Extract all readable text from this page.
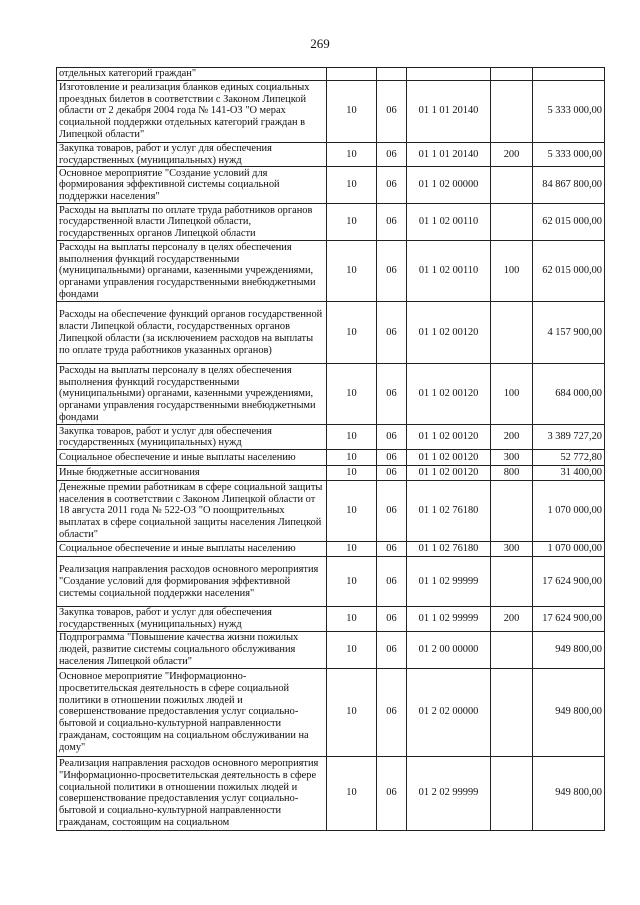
269
отдельных категорий граждан"					
Изготовление и реализация бланков единых социальных проездных билетов в соответствии с Законом Липецкой области от 2 декабря 2004 года № 141-ОЗ "О мерах социальной поддержки отдельных категорий граждан в Липецкой области"	10	06	01 1 01 20140		5 333 000,00
Закупка товаров, работ и услуг для обеспечения государственных (муниципальных) нужд	10	06	01 1 01 20140	200	5 333 000,00
Основное мероприятие "Создание условий для формирования эффективной системы социальной поддержки населения"	10	06	01 1 02 00000		84 867 800,00
Расходы на выплаты по оплате труда работников органов государственной власти Липецкой области, государственных органов Липецкой области	10	06	01 1 02 00110		62 015 000,00
Расходы на выплаты персоналу в целях обеспечения выполнения функций государственными (муниципальными) органами, казенными учреждениями, органами управления государственными внебюджетными фондами	10	06	01 1 02 00110	100	62 015 000,00
Расходы на обеспечение функций органов государственной власти Липецкой области, государственных органов Липецкой области (за исключением расходов на выплаты по оплате труда работников указанных органов)	10	06	01 1 02 00120		4 157 900,00
Расходы на выплаты персоналу в целях обеспечения выполнения функций государственными (муниципальными) органами, казенными учреждениями, органами управления государственными внебюджетными фондами	10	06	01 1 02 00120	100	684 000,00
Закупка товаров, работ и услуг для обеспечения государственных (муниципальных) нужд	10	06	01 1 02 00120	200	3 389 727,20
Социальное обеспечение и иные выплаты населению	10	06	01 1 02 00120	300	52 772,80
Иные бюджетные ассигнования	10	06	01 1 02 00120	800	31 400,00
Денежные премии работникам в сфере социальной защиты населения в соответствии с Законом Липецкой области от 18 августа 2011 года № 522-ОЗ "О поощрительных выплатах в сфере социальной защиты населения Липецкой области"	10	06	01 1 02 76180		1 070 000,00
Социальное обеспечение и иные выплаты населению	10	06	01 1 02 76180	300	1 070 000,00
Реализация направления расходов основного мероприятия "Создание условий для формирования эффективной системы социальной поддержки населения"	10	06	01 1 02 99999		17 624 900,00
Закупка товаров, работ и услуг для обеспечения государственных (муниципальных) нужд	10	06	01 1 02 99999	200	17 624 900,00
Подпрограмма "Повышение качества жизни пожилых людей, развитие системы социального обслуживания населения Липецкой области"	10	06	01 2 00 00000		949 800,00
Основное мероприятие "Информационно-просветительская деятельность в сфере социальной политики в отношении пожилых людей и совершенствование предоставления услуг социально-бытовой и социально-культурной направленности гражданам, состоящим на социальном обслуживании на дому"	10	06	01 2 02 00000		949 800,00
Реализация направления расходов основного мероприятия "Информационно-просветительская деятельность в сфере социальной политики в отношении пожилых людей и совершенствование предоставления услуг социально-бытовой и социально-культурной направленности гражданам, состоящим на социальном	10	06	01 2 02 99999		949 800,00
